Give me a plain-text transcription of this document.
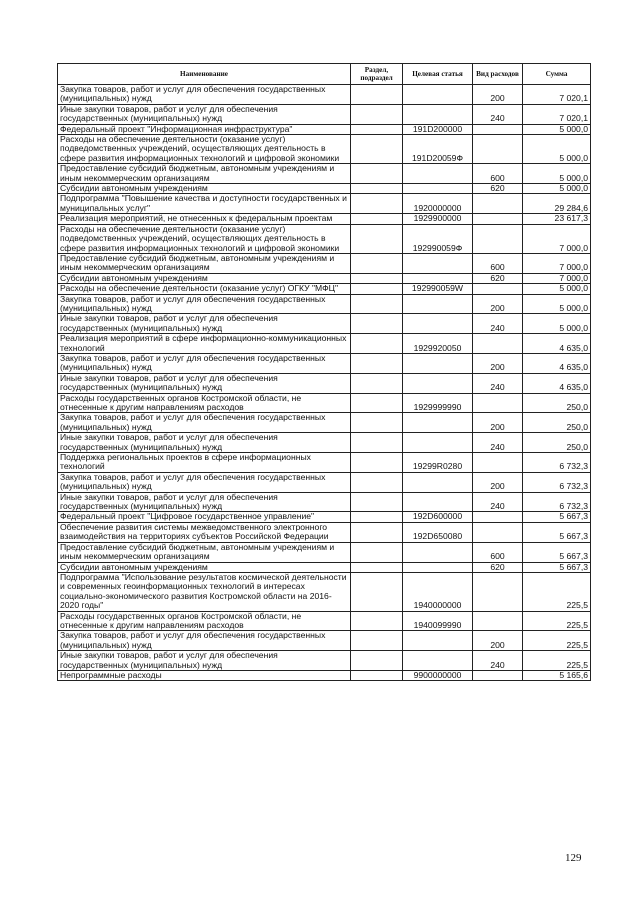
Наименование	Раздел, подраздел	Целевая статья	Вид расходов	Сумма
Закупка товаров, работ и услуг для обеспечения государственных (муниципальных) нужд			200	7 020,1
Иные закупки товаров, работ и услуг для обеспечения государственных (муниципальных) нужд			240	7 020,1
Федеральный проект "Информационная инфраструктура"		191D200000		5 000,0
Расходы на обеспечение деятельности (оказание услуг) подведомственных учреждений, осуществляющих деятельность в сфере развития информационных технологий и цифровой экономики		191D20059Ф		5 000,0
Предоставление субсидий бюджетным, автономным учреждениям и иным некоммерческим организациям			600	5 000,0
Субсидии автономным учреждениям			620	5 000,0
Подпрограмма "Повышение качества и доступности государственных и муниципальных услуг"		1920000000		29 284,6
Реализация мероприятий, не отнесенных к федеральным проектам		1929900000		23 617,3
Расходы на обеспечение деятельности (оказание услуг) подведомственных учреждений, осуществляющих деятельность в сфере развития информационных технологий и цифровой экономики		192990059Ф		7 000,0
Предоставление субсидий бюджетным, автономным учреждениям и иным некоммерческим организациям			600	7 000,0
Субсидии автономным учреждениям			620	7 000,0
Расходы на обеспечение деятельности (оказание услуг) ОГКУ "МФЦ"		192990059W		5 000,0
Закупка товаров, работ и услуг для обеспечения государственных (муниципальных) нужд			200	5 000,0
Иные закупки товаров, работ и услуг для обеспечения государственных (муниципальных) нужд			240	5 000,0
Реализация мероприятий в сфере информационно-коммуникационных технологий		1929920050		4 635,0
Закупка товаров, работ и услуг для обеспечения государственных (муниципальных) нужд			200	4 635,0
Иные закупки товаров, работ и услуг для обеспечения государственных (муниципальных) нужд			240	4 635,0
Расходы государственных органов Костромской области, не отнесенные к другим направлениям расходов		1929999990		250,0
Закупка товаров, работ и услуг для обеспечения государственных (муниципальных) нужд			200	250,0
Иные закупки товаров, работ и услуг для обеспечения государственных (муниципальных) нужд			240	250,0
Поддержка региональных проектов в сфере информационных технологий		19299R0280		6 732,3
Закупка товаров, работ и услуг для обеспечения государственных (муниципальных) нужд			200	6 732,3
Иные закупки товаров, работ и услуг для обеспечения государственных (муниципальных) нужд			240	6 732,3
Федеральный проект "Цифровое государственное управление"		192D600000		5 667,3
Обеспечение развития системы межведомственного электронного взаимодействия на территориях субъектов Российской Федерации		192D650080		5 667,3
Предоставление субсидий бюджетным, автономным учреждениям и иным некоммерческим организациям			600	5 667,3
Субсидии автономным учреждениям			620	5 667,3
Подпрограмма "Использование результатов космической деятельности и современных геоинформационных технологий в интересах социально-экономического развития Костромской области на 2016-2020 годы"		1940000000		225,5
Расходы государственных органов Костромской области, не отнесенные к другим направлениям расходов		1940099990		225,5
Закупка товаров, работ и услуг для обеспечения государственных (муниципальных) нужд			200	225,5
Иные закупки товаров, работ и услуг для обеспечения государственных (муниципальных) нужд			240	225,5
Непрограммные расходы		9900000000		5 165,6
129
